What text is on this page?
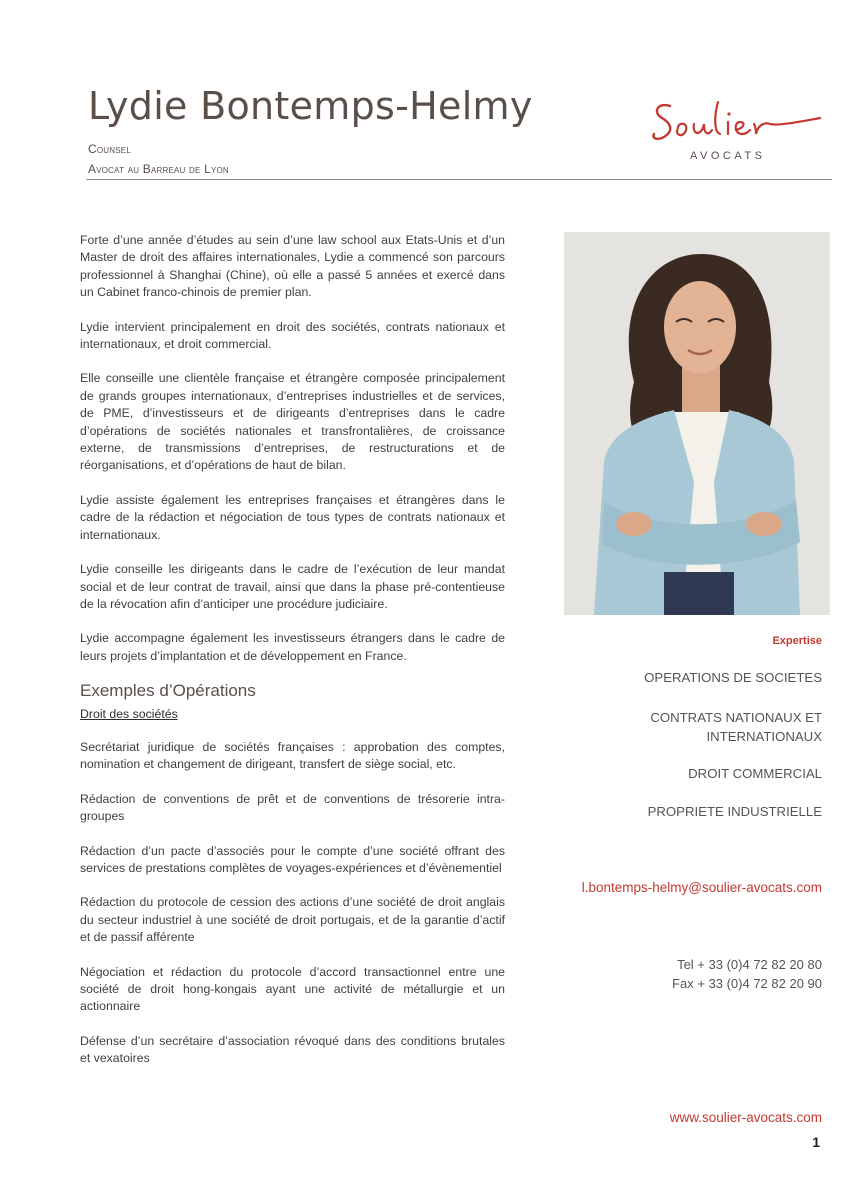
Lydie Bontemps-Helmy
Counsel
Avocat au Barreau de Lyon
AVOCATS

Forte d’une année d’études au sein d’une law school aux Etats-Unis et d’un Master de droit des affaires internationales, Lydie a commencé son parcours professionnel à Shanghai (Chine), où elle a passé 5 années et exercé dans un Cabinet franco-chinois de premier plan.

Lydie intervient principalement en droit des sociétés, contrats nationaux et internationaux, et droit commercial.

Elle conseille une clientèle française et étrangère composée principalement de grands groupes internationaux, d’entreprises industrielles et de services, de PME, d’investisseurs et de dirigeants d’entreprises dans le cadre d’opérations de sociétés nationales et transfrontalières, de croissance externe, de transmissions d’entreprises, de restructurations et de réorganisations, et d’opérations de haut de bilan.

Lydie assiste également les entreprises françaises et étrangères dans le cadre de la rédaction et négociation de tous types de contrats nationaux et internationaux.

Lydie conseille les dirigeants dans le cadre de l’exécution de leur mandat social et de leur contrat de travail, ainsi que dans la phase pré-contentieuse de la révocation afin d’anticiper une procédure judiciaire.

Lydie accompagne également les investisseurs étrangers dans le cadre de leurs projets d’implantation et de développement en France.

Exemples d’Opérations
Droit des sociétés

Secrétariat juridique de sociétés françaises : approbation des comptes, nomination et changement de dirigeant, transfert de siège social, etc.

Rédaction de conventions de prêt et de conventions de trésorerie intra-groupes

Rédaction d’un pacte d’associés pour le compte d’une société offrant des services de prestations complètes de voyages-expériences et d’évènementiel

Rédaction du protocole de cession des actions d’une société de droit anglais du secteur industriel à une société de droit portugais, et de la garantie d’actif et de passif afférente

Négociation et rédaction du protocole d’accord transactionnel entre une société de droit hong-kongais ayant une activité de métallurgie et un actionnaire

Défense d’un secrétaire d’association révoqué dans des conditions brutales et vexatoires

Expertise
OPERATIONS DE SOCIETES
CONTRATS NATIONAUX ET
INTERNATIONAUX
DROIT COMMERCIAL
PROPRIETE INDUSTRIELLE
l.bontemps-helmy@soulier-avocats.com
Tel + 33 (0)4 72 82 20 80
Fax + 33 (0)4 72 82 20 90
www.soulier-avocats.com
1
